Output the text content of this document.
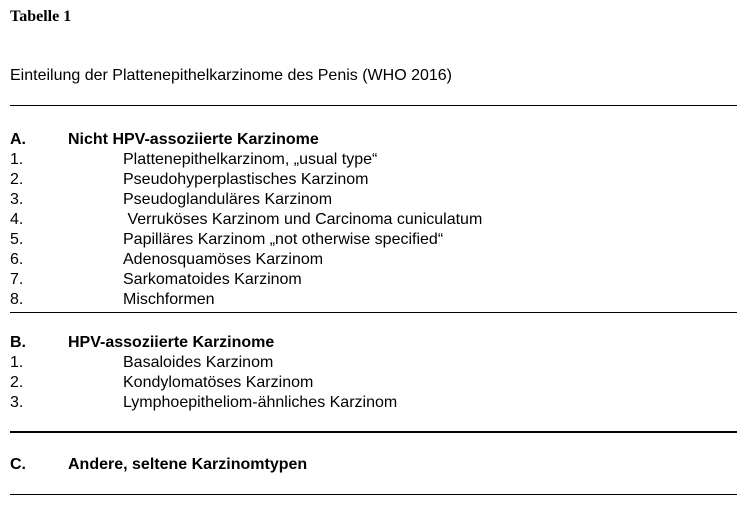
Tabelle 1
Einteilung der Plattenepithelkarzinome des Penis (WHO 2016)
A.	Nicht HPV-assoziierte Karzinome
1.	Plattenepithelkarzinom, „usual type“
2.	Pseudohyperplastisches Karzinom
3.	Pseudoglanduläres Karzinom
4.	Verruköses Karzinom und Carcinoma cuniculatum
5.	Papilläres Karzinom „not otherwise specified“
6.	Adenosquamöses Karzinom
7.	Sarkomatoides Karzinom
8.	Mischformen
B.	HPV-assoziierte Karzinome
1.	Basaloides Karzinom
2.	Kondylomatöses Karzinom
3.	Lymphoepitheliom-ähnliches Karzinom
C.	Andere, seltene Karzinomtypen
